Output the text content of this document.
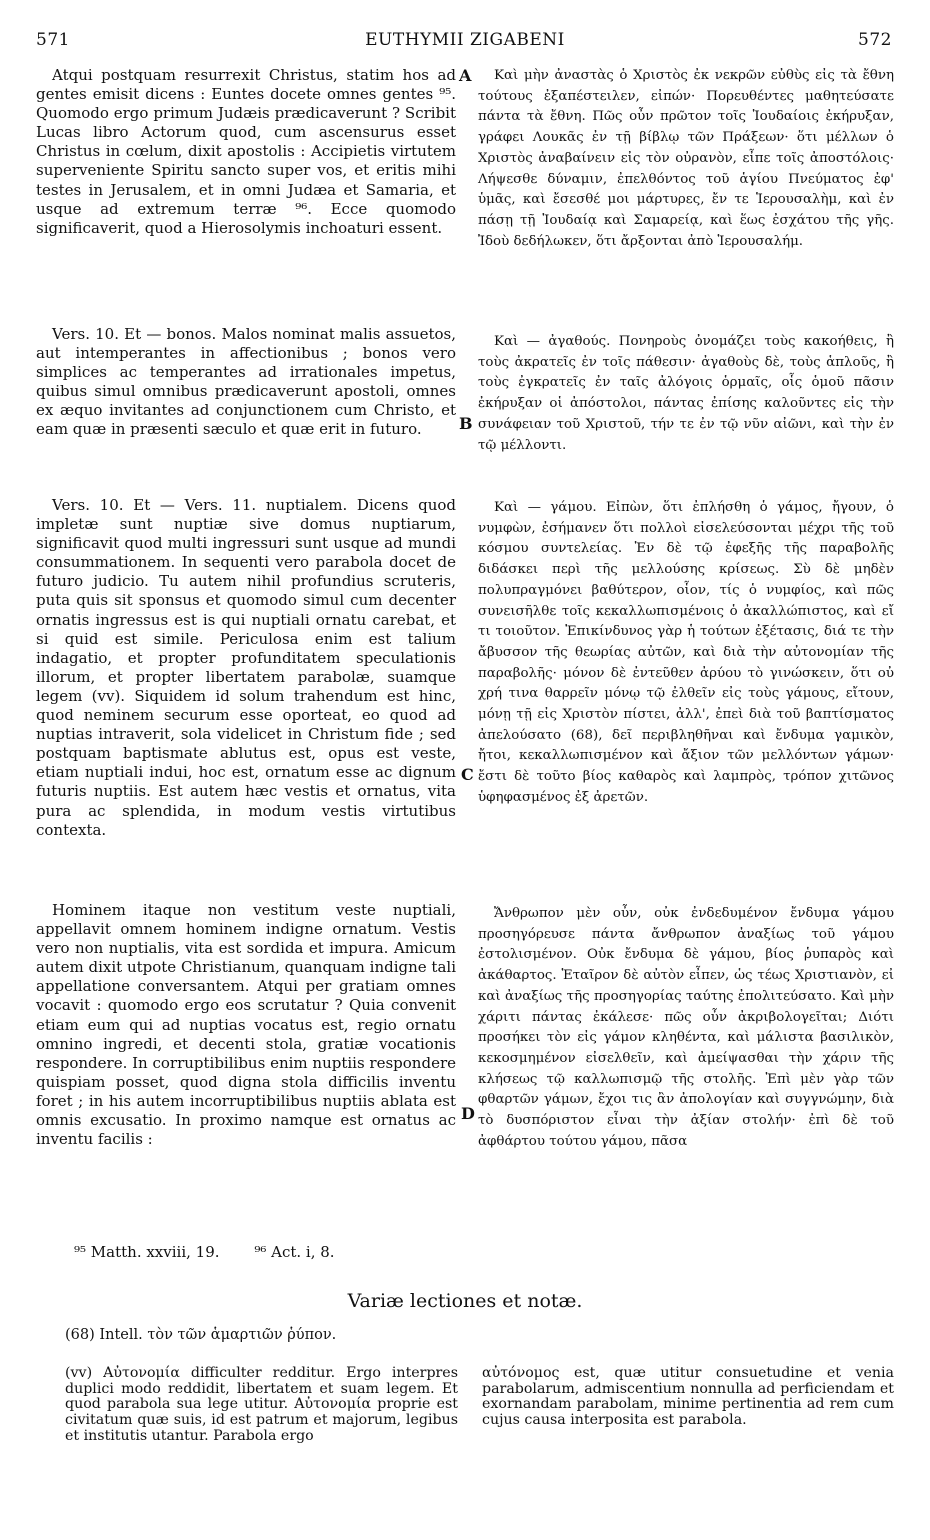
571	EUTHYMII ZIGABENI	572

Atqui postquam resurrexit Christus, statim hos ad gentes emisit dicens : Euntes docete omnes gentes ⁹⁵. Quomodo ergo primum Judæis prædicaverunt ? Scribit Lucas libro Actorum quod, cum ascensurus esset Christus in cœlum, dixit apostolis : Accipietis virtutem superveniente Spiritu sancto super vos, et eritis mihi testes in Jerusalem, et in omni Judæa et Samaria, et usque ad extremum terræ ⁹⁶. Ecce quomodo significaverit, quod a Hierosolymis inchoaturi essent.

Vers. 10. Et — bonos. Malos nominat malis assuetos, aut intemperantes in affectionibus ; bonos vero simplices ac temperantes ad irrationales impetus, quibus simul omnibus prædicaverunt apostoli, omnes ex æquo invitantes ad conjunctionem cum Christo, et eam quæ in præsenti sæculo et quæ erit in futuro.

Vers. 10. Et — Vers. 11. nuptialem. Dicens quod impletæ sunt nuptiæ sive domus nuptiarum, significavit quod multi ingressuri sunt usque ad mundi consummationem. In sequenti vero parabola docet de futuro judicio. Tu autem nihil profundius scruteris, puta quis sit sponsus et quomodo simul cum decenter ornatis ingressus est is qui nuptiali ornatu carebat, et si quid est simile. Periculosa enim est talium indagatio, et propter profunditatem speculationis illorum, et propter libertatem parabolæ, suamque legem (vv). Siquidem id solum trahendum est hinc, quod neminem securum esse oporteat, eo quod ad nuptias intraverit, sola videlicet in Christum fide ; sed postquam baptismate ablutus est, opus est veste, etiam nuptiali indui, hoc est, ornatum esse ac dignum futuris nuptiis. Est autem hæc vestis et ornatus, vita pura ac splendida, in modum vestis virtutibus contexta.

Hominem itaque non vestitum veste nuptiali, appellavit omnem hominem indigne ornatum. Vestis vero non nuptialis, vita est sordida et impura. Amicum autem dixit utpote Christianum, quanquam indigne tali appellatione conversantem. Atqui per gratiam omnes vocavit : quomodo ergo eos scrutatur ? Quia convenit etiam eum qui ad nuptias vocatus est, regio ornatu omnino ingredi, et decenti stola, gratiæ vocationis respondere. In corruptibilibus enim nuptiis respondere quispiam posset, quod digna stola difficilis inventu foret ; in his autem incorruptibilibus nuptiis ablata est omnis excusatio. In proximo namque est ornatus ac inventu facilis :

A
B
C
D

Καὶ μὴν ἀναστὰς ὁ Χριστὸς ἐκ νεκρῶν εὐθὺς εἰς τὰ ἔθνη τούτους ἐξαπέστειλεν, εἰπών· Πορευθέντες μαθητεύσατε πάντα τὰ ἔθνη. Πῶς οὖν πρῶτον τοῖς Ἰουδαίοις ἐκήρυξαν, γράφει Λουκᾶς ἐν τῇ βίβλῳ τῶν Πράξεων· ὅτι μέλλων ὁ Χριστὸς ἀναβαίνειν εἰς τὸν οὐρανὸν, εἶπε τοῖς ἀποστόλοις· Λήψεσθε δύναμιν, ἐπελθόντος τοῦ ἁγίου Πνεύματος ἐφ' ὑμᾶς, καὶ ἔσεσθέ μοι μάρτυρες, ἔν τε Ἱερουσαλὴμ, καὶ ἐν πάσῃ τῇ Ἰουδαίᾳ καὶ Σαμαρείᾳ, καὶ ἕως ἐσχάτου τῆς γῆς. Ἰδοὺ δεδήλωκεν, ὅτι ἄρξονται ἀπὸ Ἱερουσαλήμ.

Καὶ — ἀγαθούς. Πονηροὺς ὀνομάζει τοὺς κακοήθεις, ἢ τοὺς ἀκρατεῖς ἐν τοῖς πάθεσιν· ἀγαθοὺς δὲ, τοὺς ἁπλοῦς, ἢ τοὺς ἐγκρατεῖς ἐν ταῖς ἀλόγοις ὁρμαῖς, οἷς ὁμοῦ πᾶσιν ἐκήρυξαν οἱ ἀπόστολοι, πάντας ἐπίσης καλοῦντες εἰς τὴν συνάφειαν τοῦ Χριστοῦ, τήν τε ἐν τῷ νῦν αἰῶνι, καὶ τὴν ἐν τῷ μέλλοντι.

Καὶ — γάμου. Εἰπὼν, ὅτι ἐπλήσθη ὁ γάμος, ἤγουν, ὁ νυμφὼν, ἐσήμανεν ὅτι πολλοὶ εἰσελεύσονται μέχρι τῆς τοῦ κόσμου συντελείας. Ἐν δὲ τῷ ἐφεξῆς τῆς παραβολῆς διδάσκει περὶ τῆς μελλούσης κρίσεως. Σὺ δὲ μηδὲν πολυπραγμόνει βαθύτερον, οἷον, τίς ὁ νυμφίος, καὶ πῶς συνεισῆλθε τοῖς κεκαλλωπισμένοις ὁ ἀκαλλώπιστος, καὶ εἴ τι τοιοῦτον. Ἐπικίνδυνος γὰρ ἡ τούτων ἐξέτασις, διά τε τὴν ἄβυσσον τῆς θεωρίας αὐτῶν, καὶ διὰ τὴν αὐτονομίαν τῆς παραβολῆς· μόνον δὲ ἐντεῦθεν ἀρύου τὸ γινώσκειν, ὅτι οὐ χρή τινα θαρρεῖν μόνῳ τῷ ἐλθεῖν εἰς τοὺς γάμους, εἴτουν, μόνῃ τῇ εἰς Χριστὸν πίστει, ἀλλ', ἐπεὶ διὰ τοῦ βαπτίσματος ἀπελούσατο (68), δεῖ περιβληθῆναι καὶ ἔνδυμα γαμικὸν, ἤτοι, κεκαλλωπισμένον καὶ ἄξιον τῶν μελλόντων γάμων· ἔστι δὲ τοῦτο βίος καθαρὸς καὶ λαμπρὸς, τρόπον χιτῶνος ὑφηφασμένος ἐξ ἀρετῶν.

Ἄνθρωπον μὲν οὖν, οὐκ ἐνδεδυμένον ἔνδυμα γάμου προσηγόρευσε πάντα ἄνθρωπον ἀναξίως τοῦ γάμου ἐστολισμένον. Οὐκ ἔνδυμα δὲ γάμου, βίος ῥυπαρὸς καὶ ἀκάθαρτος. Ἑταῖρον δὲ αὐτὸν εἶπεν, ὡς τέως Χριστιανὸν, εἰ καὶ ἀναξίως τῆς προσηγορίας ταύτης ἐπολιτεύσατο. Καὶ μὴν χάριτι πάντας ἐκάλεσε· πῶς οὖν ἀκριβολογεῖται; Διότι προσήκει τὸν εἰς γάμον κληθέντα, καὶ μάλιστα βασιλικὸν, κεκοσμημένον εἰσελθεῖν, καὶ ἀμείψασθαι τὴν χάριν τῆς κλήσεως τῷ καλλωπισμῷ τῆς στολῆς. Ἐπὶ μὲν γὰρ τῶν φθαρτῶν γάμων, ἔχοι τις ἂν ἀπολογίαν καὶ συγγνώμην, διὰ τὸ δυσπόριστον εἶναι τὴν ἀξίαν στολήν· ἐπὶ δὲ τοῦ ἀφθάρτου τούτου γάμου, πᾶσα

⁹⁵ Matth. xxviii, 19. ⁹⁶ Act. i, 8.
Variæ lectiones et notæ.
(68) Intell. τὸν τῶν ἁμαρτιῶν ῥύπον.
(vv) Αὐτονομία difficulter redditur. Ergo interpres duplici modo reddidit, libertatem et suam legem. Et quod parabola sua lege utitur. Αὐτονομία proprie est civitatum quæ suis, id est patrum et majorum, legibus et institutis utantur. Parabola ergo
αὐτόνομος est, quæ utitur consuetudine et venia parabolarum, admiscentium nonnulla ad perficiendam et exornandam parabolam, minime pertinentia ad rem cum cujus causa interposita est parabola.
